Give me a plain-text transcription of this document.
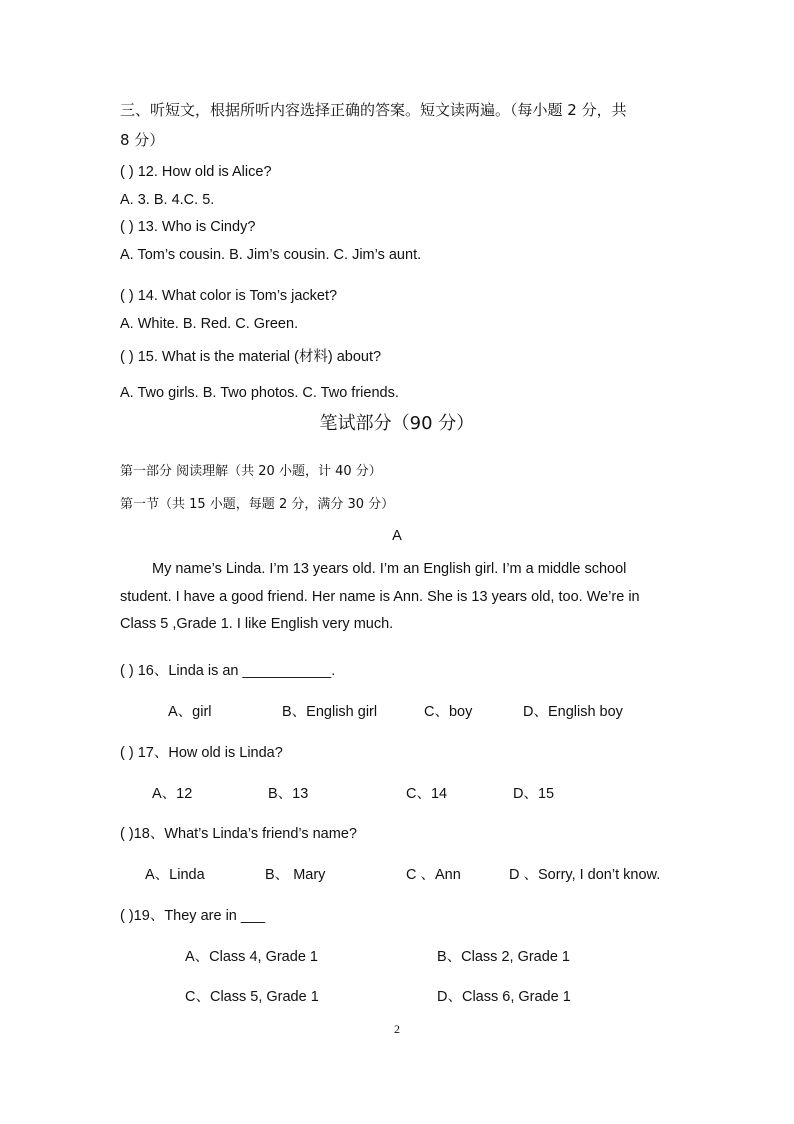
三、听短文，根据所听内容选择正确的答案。短文读两遍。（每小题 2 分，共
8 分）
( ) 12. How old is Alice?
A. 3. B. 4.C. 5.
( ) 13. Who is Cindy?
A. Tom’s cousin. B. Jim’s cousin. C. Jim’s aunt.
( ) 14. What color is Tom’s jacket?
A. White. B. Red. C. Green.
( ) 15. What is the material (材料) about?
A. Two girls. B. Two photos. C. Two friends.
笔试部分（90 分）
第一部分 阅读理解（共 20 小题，计 40 分）
第一节（共 15 小题，每题 2 分，满分 30 分）
A
My name’s Linda. I’m 13 years old. I’m an English girl. I’m a middle school
student. I have a good friend. Her name is Ann. She is 13 years old, too. We’re in
Class 5 ,Grade 1. I like English very much.
( ) 16、Linda is an ___________.
A、girl	B、English girl	C、boy	D、English boy
( ) 17、How old is Linda?
A、12	B、13	C、14	D、15
( )18、What’s Linda’s friend’s name?
A、Linda	B、 Mary	C 、Ann	D 、Sorry, I don’t know.
( )19、They are in ___
A、Class 4, Grade 1	B、Class 2, Grade 1
C、Class 5, Grade 1	D、Class 6, Grade 1
2
